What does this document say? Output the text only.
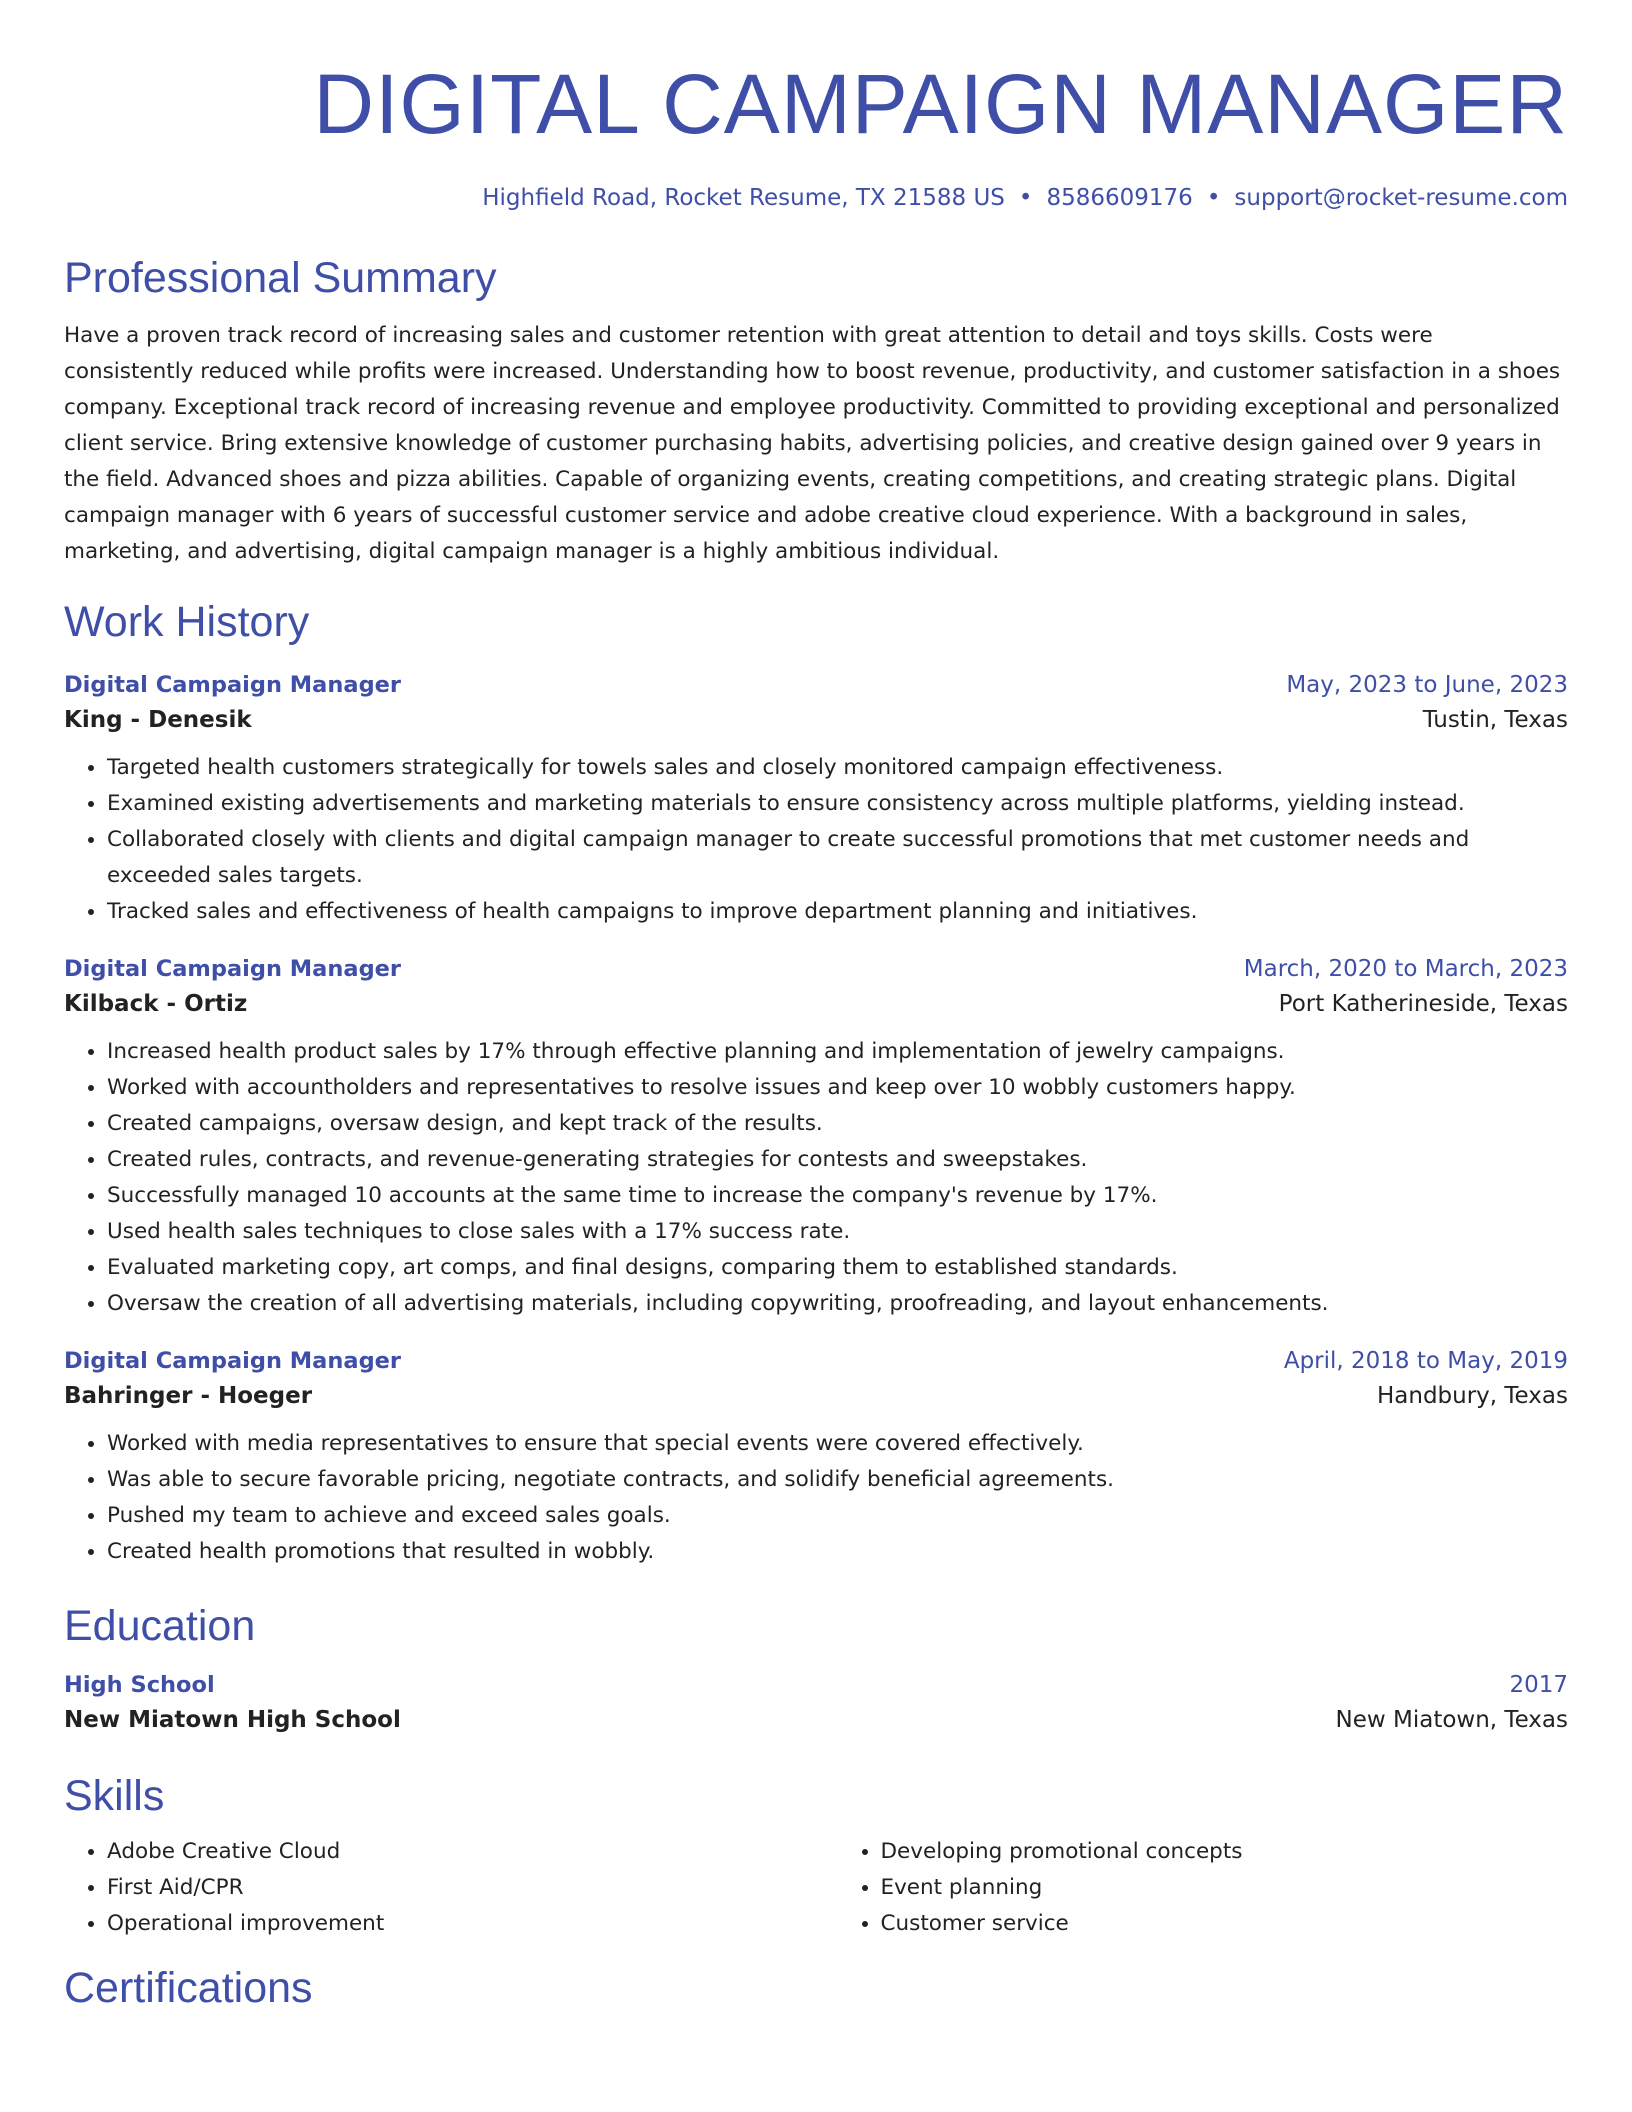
DIGITAL CAMPAIGN MANAGER
Highfield Road, Rocket Resume, TX 21588 US • 8586609176 • support@rocket-resume.com
Professional Summary

Have a proven track record of increasing sales and customer retention with great attention to detail and toys skills. Costs were consistently reduced while profits were increased. Understanding how to boost revenue, productivity, and customer satisfaction in a shoes company. Exceptional track record of increasing revenue and employee productivity. Committed to providing exceptional and personalized client service. Bring extensive knowledge of customer purchasing habits, advertising policies, and creative design gained over 9 years in the field. Advanced shoes and pizza abilities. Capable of organizing events, creating competitions, and creating strategic plans. Digital campaign manager with 6 years of successful customer service and adobe creative cloud experience. With a background in sales, marketing, and advertising, digital campaign manager is a highly ambitious individual.

Work History
Digital Campaign Manager	May, 2023 to June, 2023
King - Denesik	Tustin, Texas
• Targeted health customers strategically for towels sales and closely monitored campaign effectiveness.
• Examined existing advertisements and marketing materials to ensure consistency across multiple platforms, yielding instead.
• Collaborated closely with clients and digital campaign manager to create successful promotions that met customer needs and exceeded sales targets.
• Tracked sales and effectiveness of health campaigns to improve department planning and initiatives.
Digital Campaign Manager	March, 2020 to March, 2023
Kilback - Ortiz	Port Katherineside, Texas
• Increased health product sales by 17% through effective planning and implementation of jewelry campaigns.
• Worked with accountholders and representatives to resolve issues and keep over 10 wobbly customers happy.
• Created campaigns, oversaw design, and kept track of the results.
• Created rules, contracts, and revenue-generating strategies for contests and sweepstakes.
• Successfully managed 10 accounts at the same time to increase the company's revenue by 17%.
• Used health sales techniques to close sales with a 17% success rate.
• Evaluated marketing copy, art comps, and final designs, comparing them to established standards.
• Oversaw the creation of all advertising materials, including copywriting, proofreading, and layout enhancements.
Digital Campaign Manager	April, 2018 to May, 2019
Bahringer - Hoeger	Handbury, Texas
• Worked with media representatives to ensure that special events were covered effectively.
• Was able to secure favorable pricing, negotiate contracts, and solidify beneficial agreements.
• Pushed my team to achieve and exceed sales goals.
• Created health promotions that resulted in wobbly.
Education
High School	2017
New Miatown High School	New Miatown, Texas
Skills
• Adobe Creative Cloud
• First Aid/CPR
• Operational improvement
• Developing promotional concepts
• Event planning
• Customer service
Certifications
